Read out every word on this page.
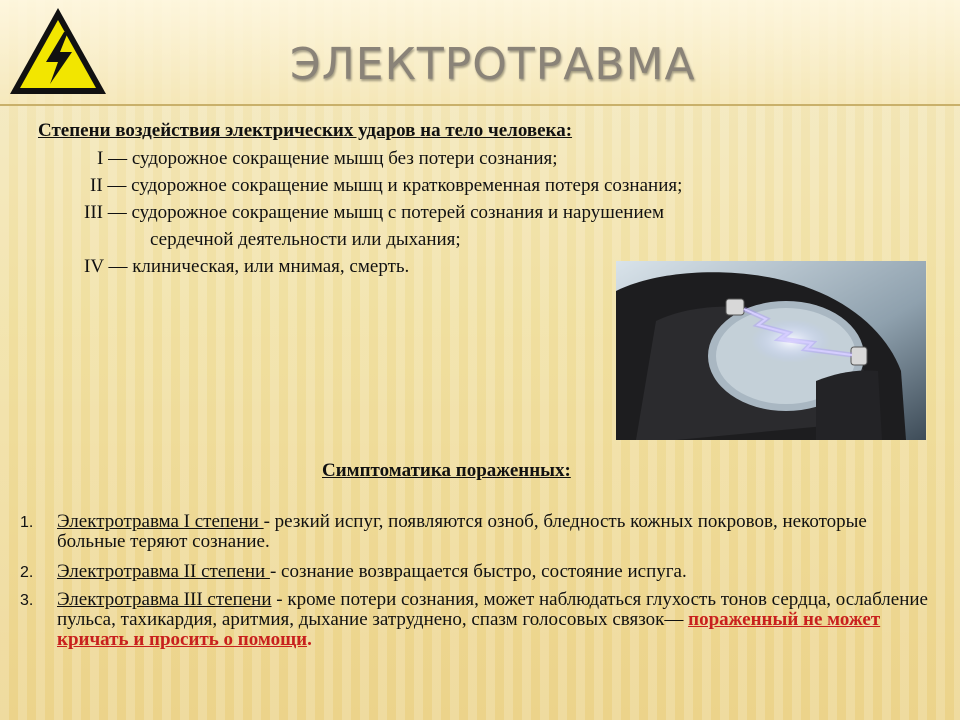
ЭЛЕКТРОТРАВМА

Степени воздействия электрических ударов на тело человека:

I — судорожное сокращение мышц без потери сознания;

II — судорожное сокращение мышц и кратковременная потеря сознания;

III — судорожное сокращение мышц с потерей сознания и нарушением

сердечной деятельности или дыхания;

IV — клиническая, или мнимая, смерть.

Симптоматика пораженных:

1. Электротравма I степени - резкий испуг, появляются озноб, бледность кожных покровов, некоторые больные теряют сознание.
2. Электротравма II степени - сознание возвращается быстро, состояние испуга.
3. Электротравма III степени - кроме потери сознания, может наблюдаться глухость тонов сердца, ослабление пульса, тахикардия, аритмия, дыхание затруднено, спазм голосовых связок— пораженный не может кричать и просить о помощи.
